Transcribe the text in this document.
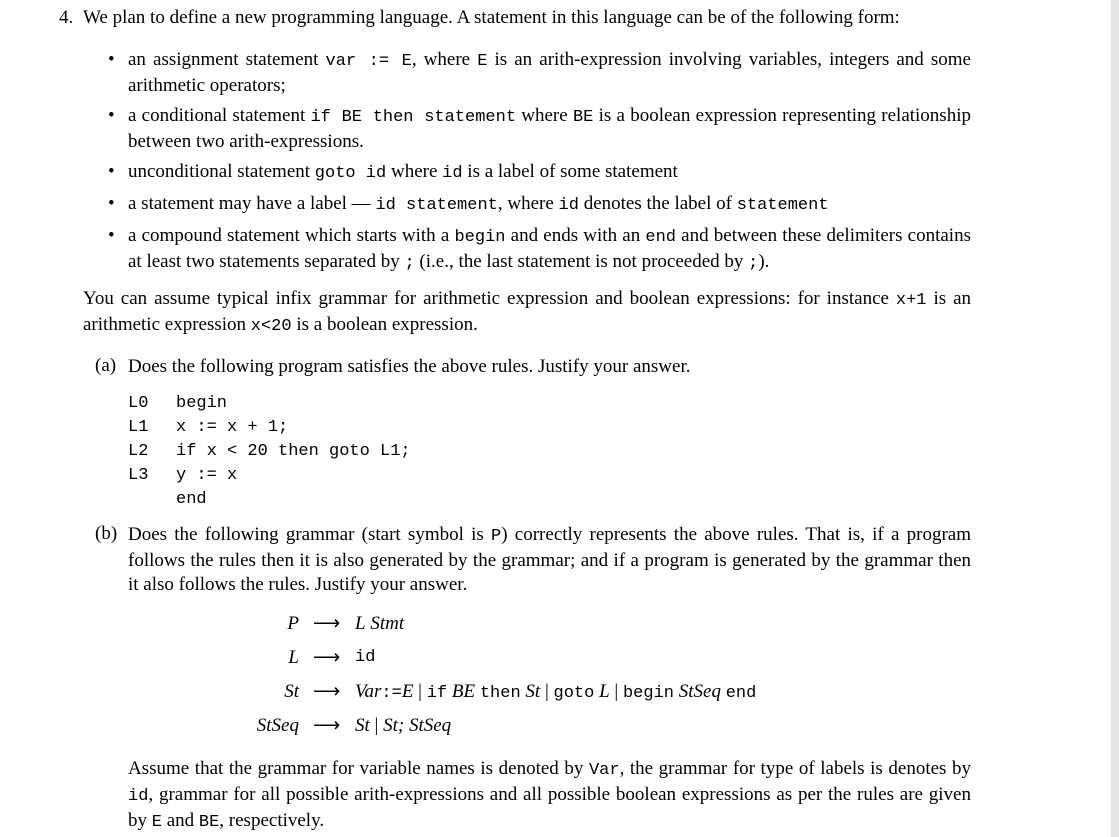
4. We plan to define a new programming language. A statement in this language can be of the following form:
• an assignment statement var := E, where E is an arith-expression involving variables, integers and some arithmetic operators;
• a conditional statement if BE then statement where BE is a boolean expression representing relationship between two arith-expressions.
• unconditional statement goto id where id is a label of some statement
• a statement may have a label — id statement, where id denotes the label of statement
• a compound statement which starts with a begin and ends with an end and between these delimiters contains at least two statements separated by ; (i.e., the last statement is not proceeded by ;).
You can assume typical infix grammar for arithmetic expression and boolean expressions: for instance x+1 is an arithmetic expression x<20 is a boolean expression.
(a) Does the following program satisfies the above rules. Justify your answer.
L0 begin
L1 x := x + 1;
L2 if x < 20 then goto L1;
L3 y := x
end
(b) Does the following grammar (start symbol is P) correctly represents the above rules. That is, if a program follows the rules then it is also generated by the grammar; and if a program is generated by the grammar then it also follows the rules. Justify your answer.
P ⟶ L Stmt
L ⟶ id
St ⟶ Var:=E | if BE then St | goto L | begin StSeq end
StSeq ⟶ St | St; StSeq
Assume that the grammar for variable names is denoted by Var, the grammar for type of labels is denotes by id, grammar for all possible arith-expressions and all possible boolean expressions as per the rules are given by E and BE, respectively.
